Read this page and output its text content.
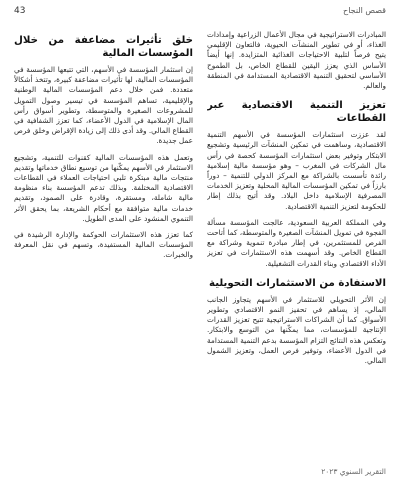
43	قصص النجاح

المبادرات الاستراتيجية في مجال الأعمال الزراعية وإمدادات الغذاء، أو في تطوير المنشآت الحيوية، فالتعاون الإقليمي يتيح فرصاً لتلبية الاحتياجات الغذائية المتزايدة. إنها أيضاً الأساس الذي يعزز اليقين للقطاع الخاص، بل الطموح الأساسي لتحقيق التنمية الاقتصادية المستدامة في المنطقة والعالم.

تعزيز التنمية الاقتصادية عبر القطاعات

لقد عززت استثمارات المؤسسة في الأسهم التنمية الاقتصادية، وساهمت في تمكين المنشآت الرئيسية وتشجيع الابتكار وتوفير بعض استثمارات المؤسسة كحصة في رأس مال الشركات في المغرب – وهو مؤسسة مالية إسلامية رائدة تأسست بالشراكة مع المركز الدولي للتنمية – دوراً بارزاً في تمكين المؤسسات المالية المحلية وتعزيز الخدمات المصرفية الإسلامية داخل البلاد. وقد أتيح بذلك إطار للحكومة لتعزيز التنمية الاقتصادية.

وفي المملكة العربية السعودية، عالجت المؤسسة مسألة الفجوة في تمويل المنشآت الصغيرة والمتوسطة، كما أتاحت الفرص للمستثمرين، في إطار مبادرة تنموية وشراكة مع القطاع الخاص. وقد أسهمت هذه الاستثمارات في تعزيز الأداء الاقتصادي وبناء القدرات التشغيلية.

الاستفادة من الاستثمارات التحويلية

إن الأثر التحويلي للاستثمار في الأسهم يتجاوز الجانب المالي، إذ يساهم في تحفيز النمو الاقتصادي وتطوير الأسواق. كما أن الشراكات الاستراتيجية تتيح تعزيز القدرات الإنتاجية للمؤسسات، مما يمكّنها من التوسع والابتكار. وتعكس هذه النتائج التزام المؤسسة بدعم التنمية المستدامة في الدول الأعضاء، وتوفير فرص العمل، وتعزيز الشمول المالي.

خلق تأثيرات مضاعفة من خلال المؤسسات المالية

إن استثمار المؤسسة في الأسهم، التي تتبعها المؤسسة في المؤسسات المالية، لها تأثيرات مضاعفة كبيرة، وتتخذ أشكالاً متعددة. فمن خلال دعم المؤسسات المالية الوطنية والإقليمية، تساهم المؤسسة في تيسير وصول التمويل للمشروعات الصغيرة والمتوسطة، وتطوير أسواق رأس المال الإسلامية في الدول الأعضاء، كما تعزز الشفافية في القطاع المالي. وقد أدى ذلك إلى زيادة الإقراض وخلق فرص عمل جديدة.

وتعمل هذه المؤسسات المالية كقنوات للتنمية، وتشجيع الاستثمار في الأسهم يمكّنها من توسيع نطاق خدماتها وتقديم منتجات مالية مبتكرة تلبي احتياجات العملاء في القطاعات الاقتصادية المختلفة. وبذلك تدعم المؤسسة بناء منظومة مالية شاملة، ومستقرة، وقادرة على الصمود، وتقديم خدمات مالية متوافقة مع أحكام الشريعة، بما يحقق الأثر التنموي المنشود على المدى الطويل.

كما تعزز هذه الاستثمارات الحوكمة والإدارة الرشيدة في المؤسسات المالية المستفيدة، وتسهم في نقل المعرفة والخبرات.

التقرير السنوي ٢٠٢٣
